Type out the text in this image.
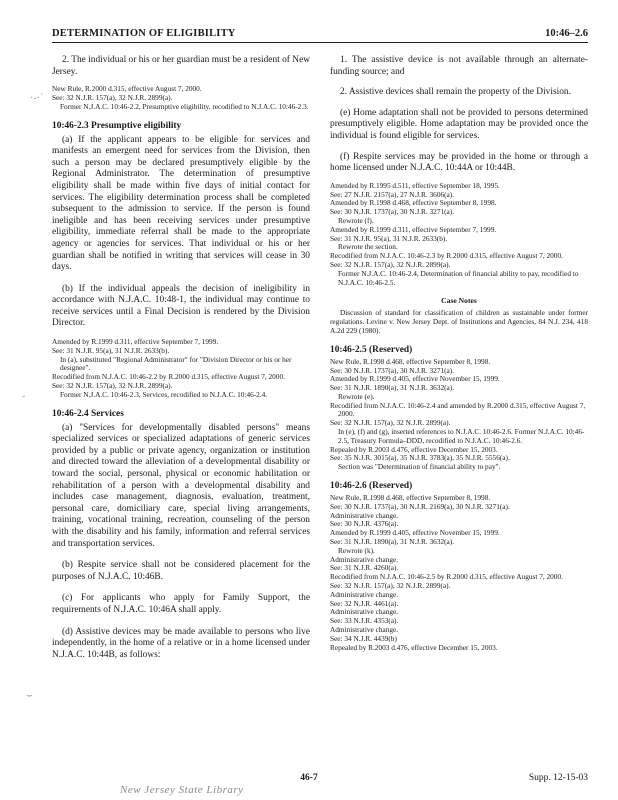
DETERMINATION OF ELIGIBILITY	10:46–2.6
·-·´
˘
⌣

2. The individual or his or her guardian must be a resident of New Jersey.

New Rule, R.2000 d.315, effective August 7, 2000.
See: 32 N.J.R. 157(a), 32 N.J.R. 2899(a).
Former N.J.A.C. 10:46-2.2, Presumptive eligibility, recodified to N.J.A.C. 10:46-2.3.

10:46-2.3 Presumptive eligibility

(a) If the applicant appears to be eligible for services and manifests an emergent need for services from the Division, then such a person may be declared presumptively eligible by the Regional Administrator. The determination of presumptive eligibility shall be made within five days of initial contact for services. The eligibility determination process shall be completed subsequent to the admission to service. If the person is found ineligible and has been receiving services under presumptive eligibility, immediate referral shall be made to the appropriate agency or agencies for services. That individual or his or her guardian shall be notified in writing that services will cease in 30 days.

(b) If the individual appeals the decision of ineligibility in accordance with N.J.A.C. 10:48-1, the individual may continue to receive services until a Final Decision is rendered by the Division Director.

Amended by R.1999 d.311, effective September 7, 1999.
See: 31 N.J.R. 95(a), 31 N.J.R. 2633(b).
In (a), substituted "Regional Administrator" for "Division Director or his or her designee".
Recodified from N.J.A.C. 10:46-2.2 by R.2000 d.315, effective August 7, 2000.
See: 32 N.J.R. 157(a), 32 N.J.R. 2899(a).
Former N.J.A.C. 10:46-2.3, Services, recodified to N.J.A.C. 10:46-2.4.

10:46-2.4 Services

(a) "Services for developmentally disabled persons" means specialized services or specialized adaptations of generic services provided by a public or private agency, organization or institution and directed toward the alleviation of a developmental disability or toward the social, personal, physical or economic habilitation or rehabilitation of a person with a developmental disability and includes case management, diagnosis, evaluation, treatment, personal care, domiciliary care, special living arrangements, training, vocational training, recreation, counseling of the person with the disability and his family, information and referral services and transportation services.

(b) Respite service shall not be considered placement for the purposes of N.J.A.C. 10:46B.

(c) For applicants who apply for Family Support, the requirements of N.J.A.C. 10:46A shall apply.

(d) Assistive devices may be made available to persons who live independently, in the home of a relative or in a home licensed under N.J.A.C. 10:44B, as follows:

1. The assistive device is not available through an alternate-funding source; and

2. Assistive devices shall remain the property of the Division.

(e) Home adaptation shall not be provided to persons determined presumptively eligible. Home adaptation may be provided once the individual is found eligible for services.

(f) Respite services may be provided in the home or through a home licensed under N.J.A.C. 10:44A or 10:44B.

Amended by R.1995 d.511, effective September 18, 1995.
See: 27 N.J.R. 2157(a), 27 N.J.R. 3606(a).
Amended by R.1998 d.468, effective September 8, 1998.
See: 30 N.J.R. 1737(a), 30 N.J.R. 3271(a).
Rewrote (f).
Amended by R.1999 d.311, effective September 7, 1999.
See: 31 N.J.R. 95(a), 31 N.J.R. 2633(b).
Rewrote the section.
Recodified from N.J.A.C. 10:46-2.3 by R.2000 d.315, effective August 7, 2000.
See: 32 N.J.R. 157(a), 32 N.J.R. 2899(a).
Former N.J.A.C. 10:46-2.4, Determination of financial ability to pay, recodified to N.J.A.C. 10:46-2.5.

Case Notes

Discussion of standard for classification of children as sustainable under former regulations. Levine v. New Jersey Dept. of Institutions and Agencies, 84 N.J. 234, 418 A.2d 229 (1980).

10:46-2.5 (Reserved)

New Rule, R.1998 d.468, effective September 8, 1998.
See: 30 N.J.R. 1737(a), 30 N.J.R. 3271(a).
Amended by R.1999 d.405, effective November 15, 1999.
See: 31 N.J.R. 1890(a), 31 N.J.R. 3632(a).
Rewrote (e).
Recodified from N.J.A.C. 10:46-2.4 and amended by R.2000 d.315, effective August 7, 2000.
See: 32 N.J.R. 157(a), 32 N.J.R. 2899(a).
In (e), (f) and (g), inserted references to N.J.A.C. 10:46-2.6. Former N.J.A.C. 10:46-2.5, Treasury Formula–DDD, recodified to N.J.A.C. 10:46-2.6.
Repealed by R.2003 d.476, effective December 15, 2003.
See: 35 N.J.R. 3015(a), 35 N.J.R. 3783(a), 35 N.J.R. 5556(a).
Section was "Determination of financial ability to pay".

10:46-2.6 (Reserved)

New Rule, R.1998 d.468, effective September 8, 1998.
See: 30 N.J.R. 1737(a), 30 N.J.R. 2169(a), 30 N.J.R. 3271(a).
Administrative change.
See: 30 N.J.R. 4376(a).
Amended by R.1999 d.405, effective November 15, 1999.
See: 31 N.J.R. 1890(a), 31 N.J.R. 3632(a).
Rewrote (k).
Administrative change.
See: 31 N.J.R. 4260(a).
Recodified from N.J.A.C. 10:46-2.5 by R.2000 d.315, effective August 7, 2000.
See: 32 N.J.R. 157(a), 32 N.J.R. 2899(a).
Administrative change.
See: 32 N.J.R. 4461(a).
Administrative change.
See: 33 N.J.R. 4353(a).
Administrative change.
See: 34 N.J.R. 4439(b)
Repealed by R.2003 d.476, effective December 15, 2003.
46-7	Supp. 12-15-03
New Jersey State Library
